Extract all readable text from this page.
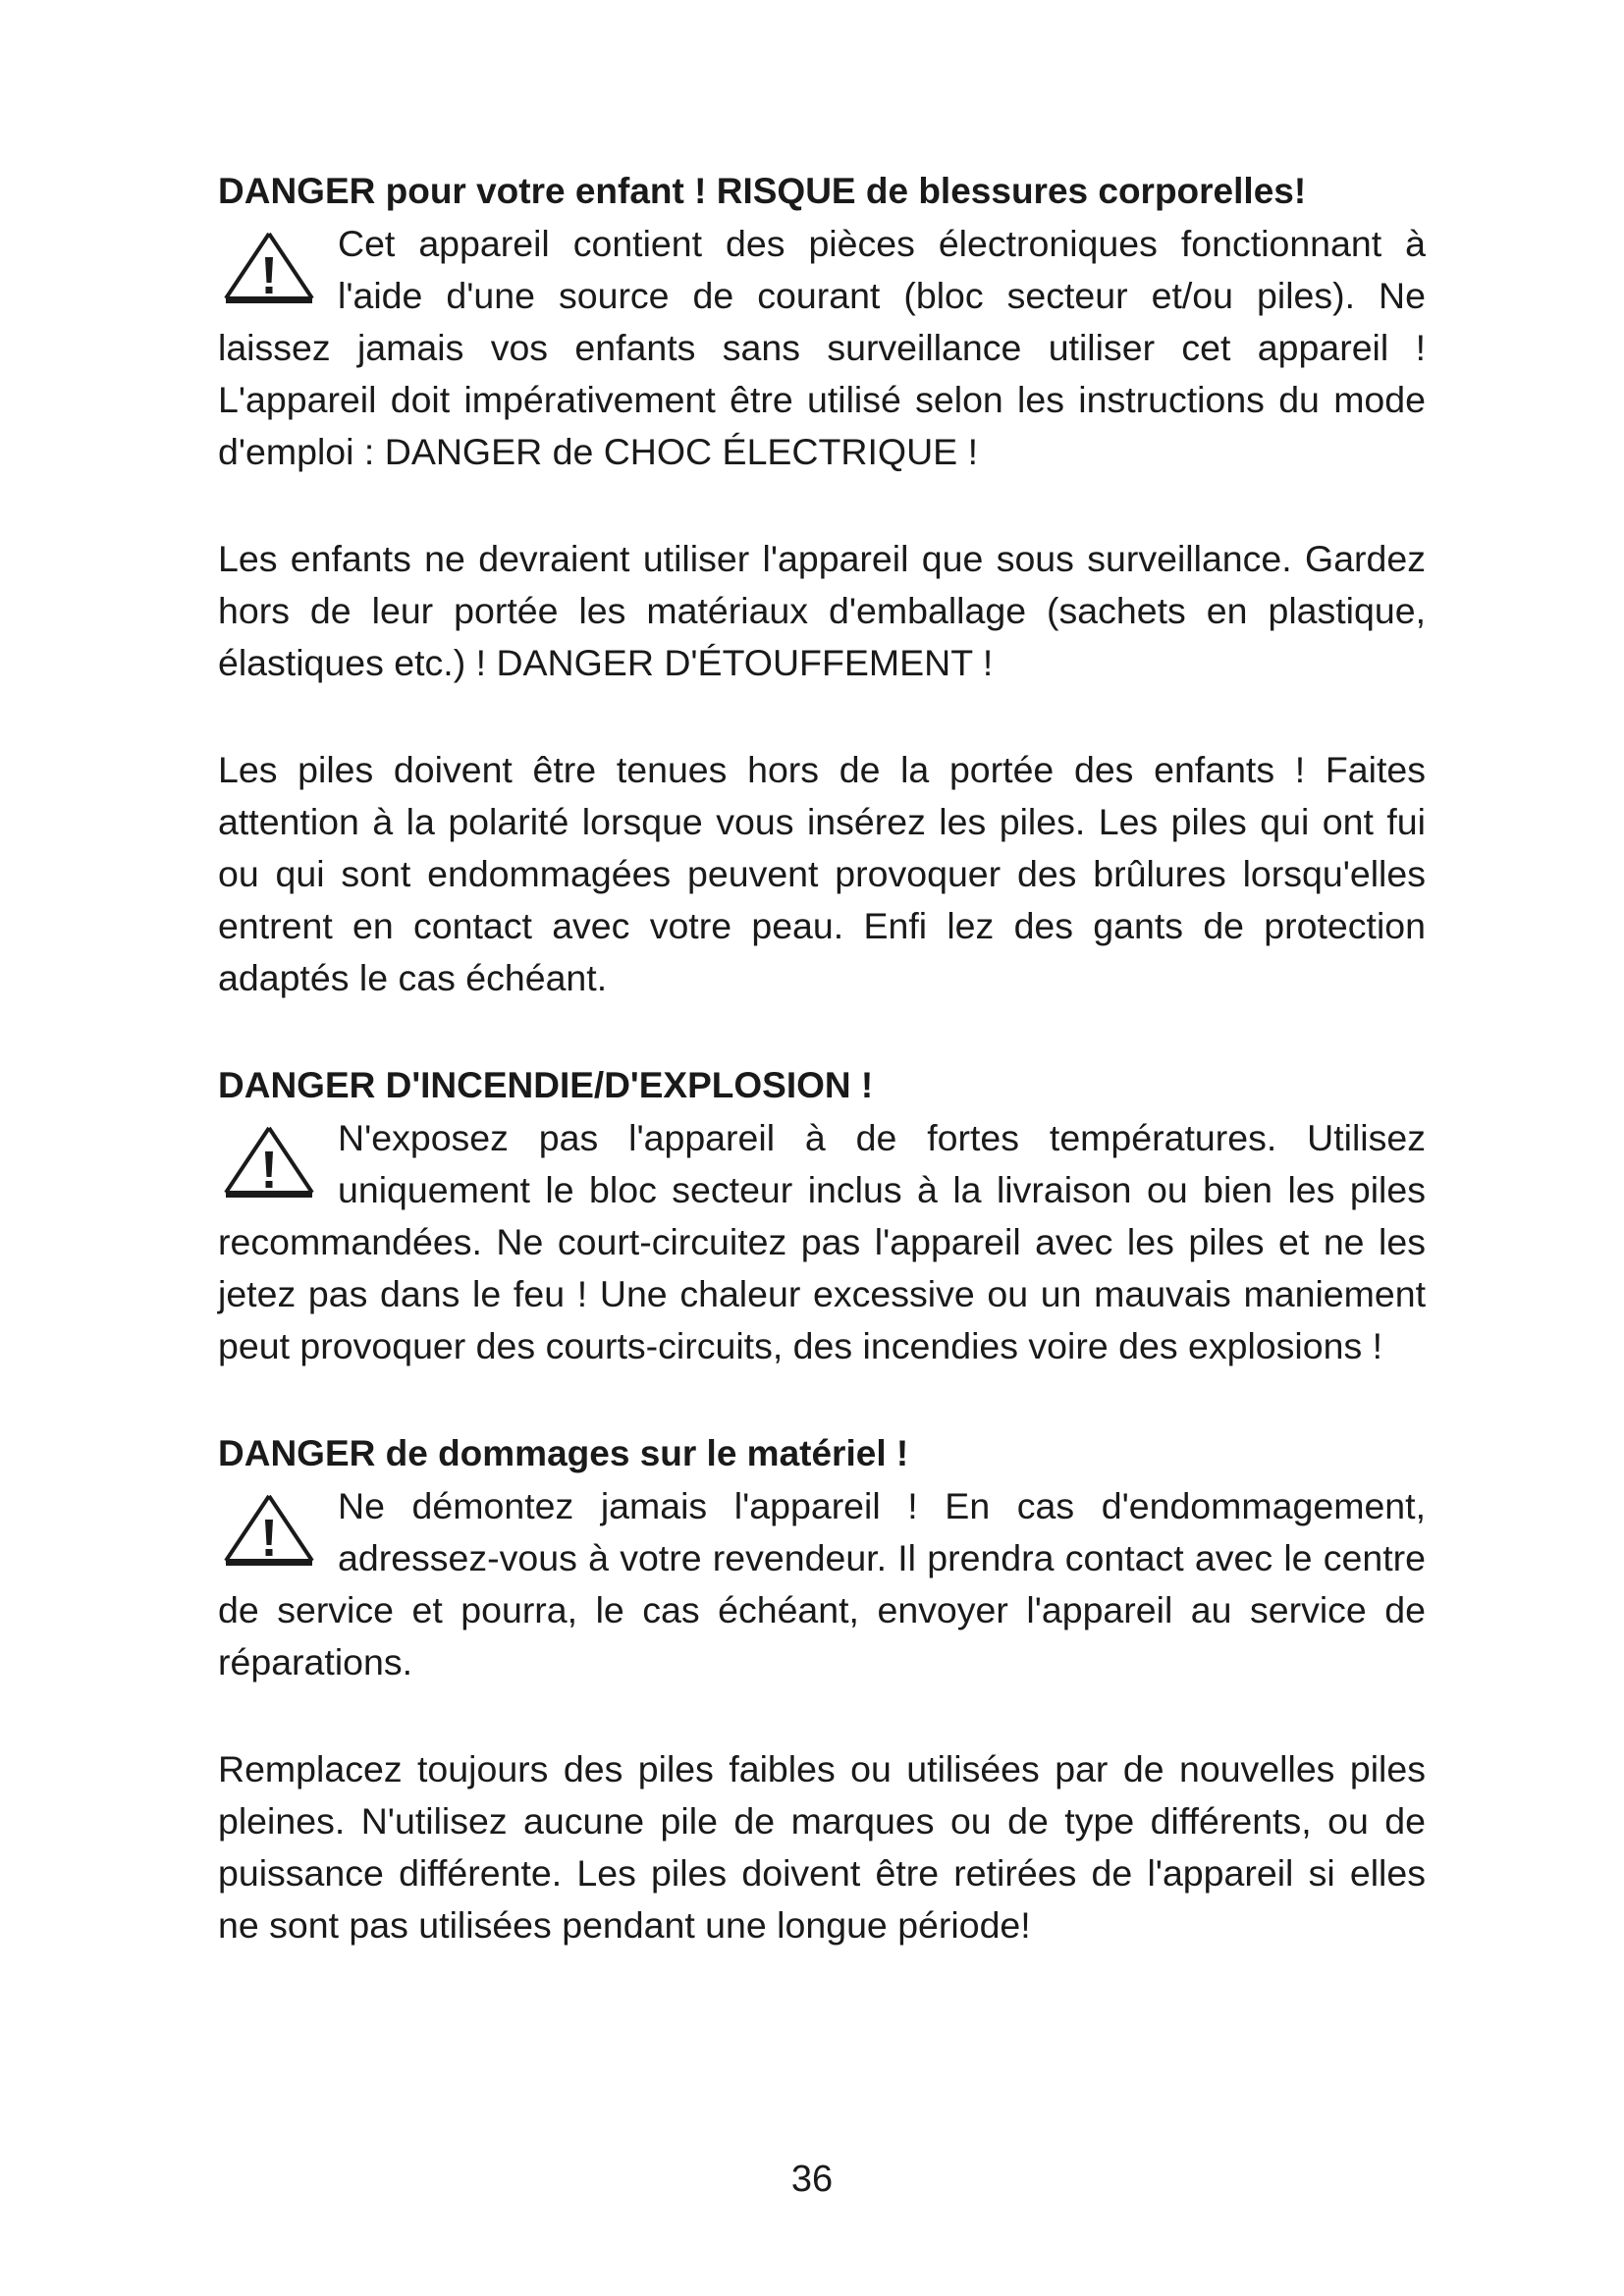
DANGER pour votre enfant ! RISQUE de blessures corporelles!

Cet appareil contient des pièces électroniques fonctionnant à l'aide d'une source de courant (bloc secteur et/ou piles). Ne laissez jamais vos enfants sans surveillance utiliser cet appareil ! L'appareil doit impérativement être utilisé selon les instructions du mode d'emploi : DANGER de CHOC ÉLECTRIQUE !

Les enfants ne devraient utiliser l'appareil que sous surveillance. Gardez hors de leur portée les matériaux d'emballage (sachets en plastique, élastiques etc.) ! DANGER D'ÉTOUFFEMENT !

Les piles doivent être tenues hors de la portée des enfants ! Faites attention à la polarité lorsque vous insérez les piles. Les piles qui ont fui ou qui sont endommagées peuvent provoquer des brûlures lorsqu'elles entrent en contact avec votre peau. Enfi lez des gants de protection adaptés le cas échéant.

DANGER D'INCENDIE/D'EXPLOSION !

N'exposez pas l'appareil à de fortes températures. Utilisez uniquement le bloc secteur inclus à la livraison ou bien les piles recommandées. Ne court-circuitez pas l'appareil avec les piles et ne les jetez pas dans le feu ! Une chaleur excessive ou un mauvais maniement peut provoquer des courts-circuits, des incendies voire des explosions !

DANGER de dommages sur le matériel !

Ne démontez jamais l'appareil ! En cas d'endommagement, adressez-vous à votre revendeur. Il prendra contact avec le centre de service et pourra, le cas échéant, envoyer l'appareil au service de réparations.

Remplacez toujours des piles faibles ou utilisées par de nouvelles piles pleines. N'utilisez aucune pile de marques ou de type différents, ou de puissance différente. Les piles doivent être retirées de l'appareil si elles ne sont pas utilisées pendant une longue période!

36
